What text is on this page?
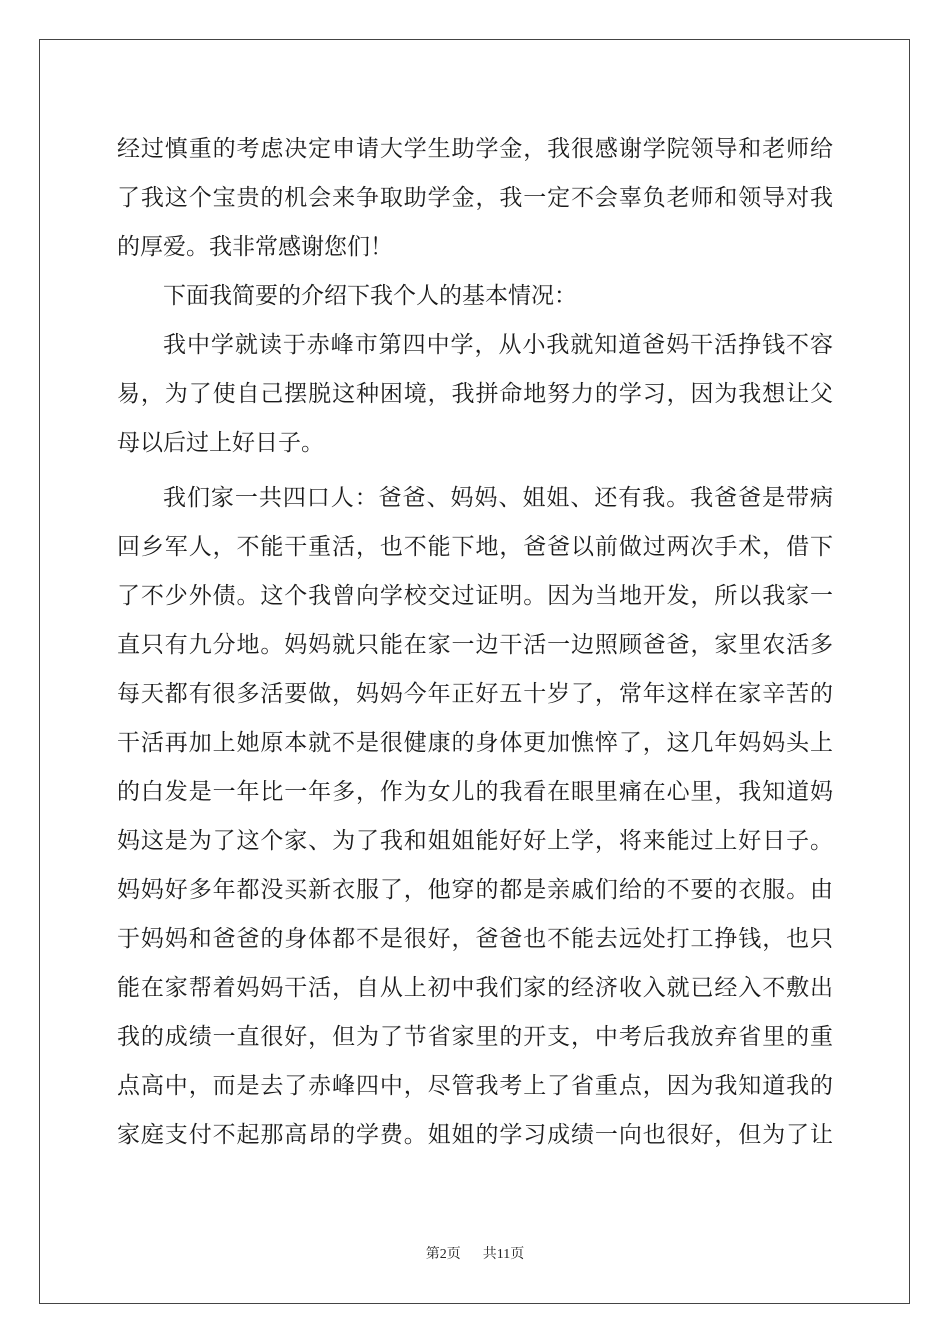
经过慎重的考虑决定申请大学生助学金，我很感谢学院领导和老师给
了我这个宝贵的机会来争取助学金，我一定不会辜负老师和领导对我
的厚爱。我非常感谢您们！
下面我简要的介绍下我个人的基本情况：
我中学就读于赤峰市第四中学，从小我就知道爸妈干活挣钱不容
易，为了使自己摆脱这种困境，我拼命地努力的学习，因为我想让父
母以后过上好日子。
我们家一共四口人：爸爸、妈妈、姐姐、还有我。我爸爸是带病
回乡军人，不能干重活，也不能下地，爸爸以前做过两次手术，借下
了不少外债。这个我曾向学校交过证明。因为当地开发，所以我家一
直只有九分地。妈妈就只能在家一边干活一边照顾爸爸，家里农活多
每天都有很多活要做，妈妈今年正好五十岁了，常年这样在家辛苦的
干活再加上她原本就不是很健康的身体更加憔悴了，这几年妈妈头上
的白发是一年比一年多，作为女儿的我看在眼里痛在心里，我知道妈
妈这是为了这个家、为了我和姐姐能好好上学，将来能过上好日子。
妈妈好多年都没买新衣服了，他穿的都是亲戚们给的不要的衣服。由
于妈妈和爸爸的身体都不是很好，爸爸也不能去远处打工挣钱，也只
能在家帮着妈妈干活，自从上初中我们家的经济收入就已经入不敷出
我的成绩一直很好，但为了节省家里的开支，中考后我放弃省里的重
点高中，而是去了赤峰四中，尽管我考上了省重点，因为我知道我的
家庭支付不起那高昂的学费。姐姐的学习成绩一向也很好，但为了让
第2页 共11页
